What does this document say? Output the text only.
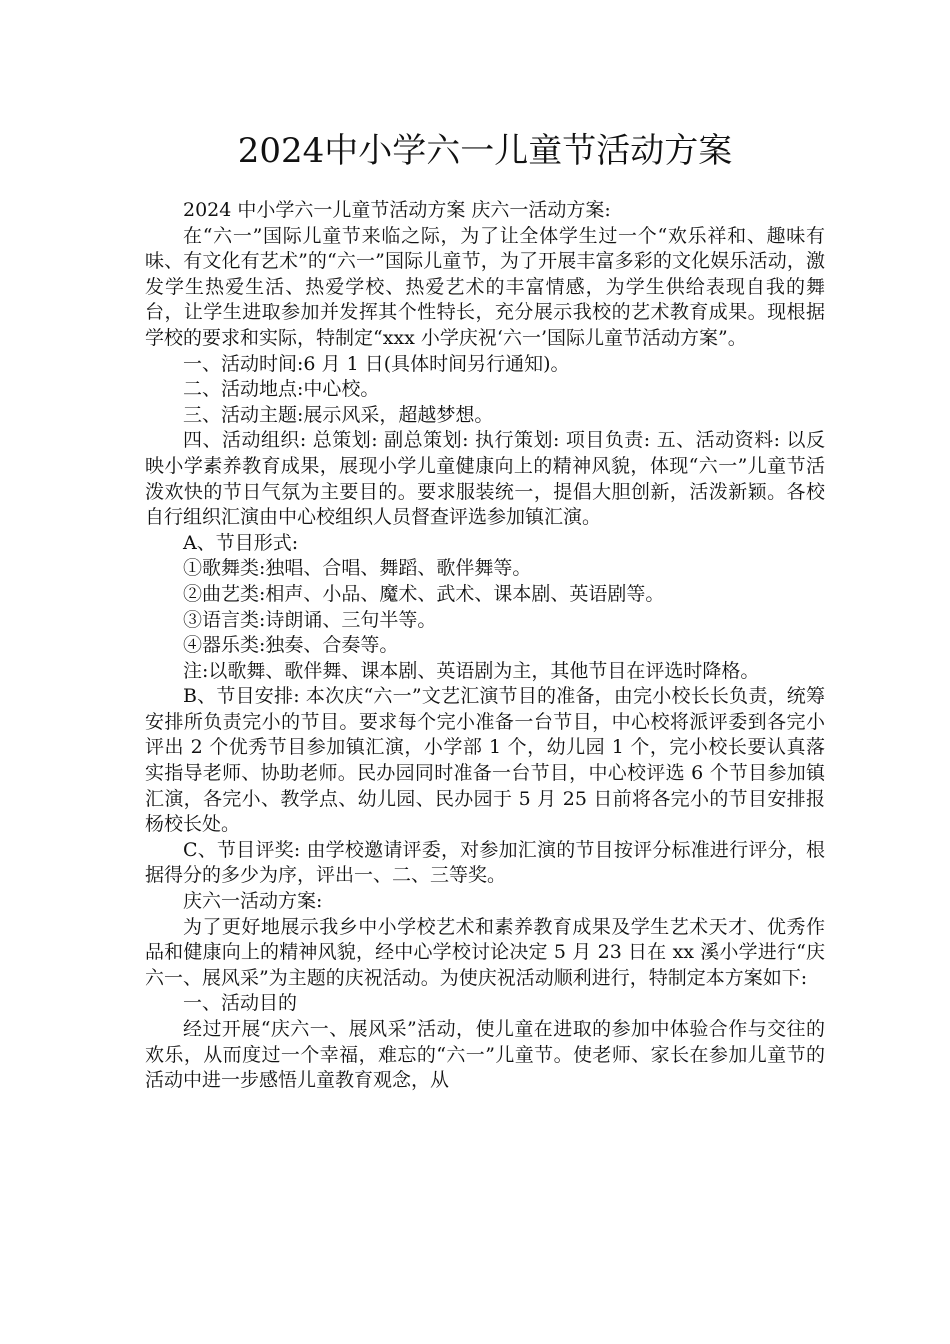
2024中小学六一儿童节活动方案

2024 中小学六一儿童节活动方案 庆六一活动方案:

在“六一”国际儿童节来临之际，为了让全体学生过一个“欢乐祥和、趣味有味、有文化有艺术”的“六一”国际儿童节，为了开展丰富多彩的文化娱乐活动，激发学生热爱生活、热爱学校、热爱艺术的丰富情感，为学生供给表现自我的舞台，让学生进取参加并发挥其个性特长，充分展示我校的艺术教育成果。现根据学校的要求和实际，特制定“xxx 小学庆祝‘六一’国际儿童节活动方案”。

一、活动时间:6 月 1 日(具体时间另行通知)。

二、活动地点:中心校。

三、活动主题:展示风采，超越梦想。

四、活动组织: 总策划: 副总策划: 执行策划: 项目负责: 五、活动资料: 以反映小学素养教育成果，展现小学儿童健康向上的精神风貌，体现“六一”儿童节活泼欢快的节日气氛为主要目的。要求服装统一，提倡大胆创新，活泼新颖。各校自行组织汇演由中心校组织人员督查评选参加镇汇演。

A、节目形式:

①歌舞类:独唱、合唱、舞蹈、歌伴舞等。

②曲艺类:相声、小品、魔术、武术、课本剧、英语剧等。

③语言类:诗朗诵、三句半等。

④器乐类:独奏、合奏等。

注:以歌舞、歌伴舞、课本剧、英语剧为主，其他节目在评选时降格。

B、节目安排: 本次庆“六一”文艺汇演节目的准备，由完小校长长负责，统筹安排所负责完小的节目。要求每个完小准备一台节目，中心校将派评委到各完小评出 2 个优秀节目参加镇汇演，小学部 1 个，幼儿园 1 个，完小校长要认真落实指导老师、协助老师。民办园同时准备一台节目，中心校评选 6 个节目参加镇汇演，各完小、教学点、幼儿园、民办园于 5 月 25 日前将各完小的节目安排报杨校长处。

C、节目评奖: 由学校邀请评委，对参加汇演的节目按评分标准进行评分，根据得分的多少为序，评出一、二、三等奖。

庆六一活动方案:

为了更好地展示我乡中小学校艺术和素养教育成果及学生艺术天才、优秀作品和健康向上的精神风貌，经中心学校讨论决定 5 月 23 日在 xx 溪小学进行“庆六一、展风采”为主题的庆祝活动。为使庆祝活动顺利进行，特制定本方案如下:

一、活动目的

经过开展“庆六一、展风采”活动，使儿童在进取的参加中体验合作与交往的欢乐，从而度过一个幸福，难忘的“六一”儿童节。使老师、家长在参加儿童节的活动中进一步感悟儿童教育观念，从
